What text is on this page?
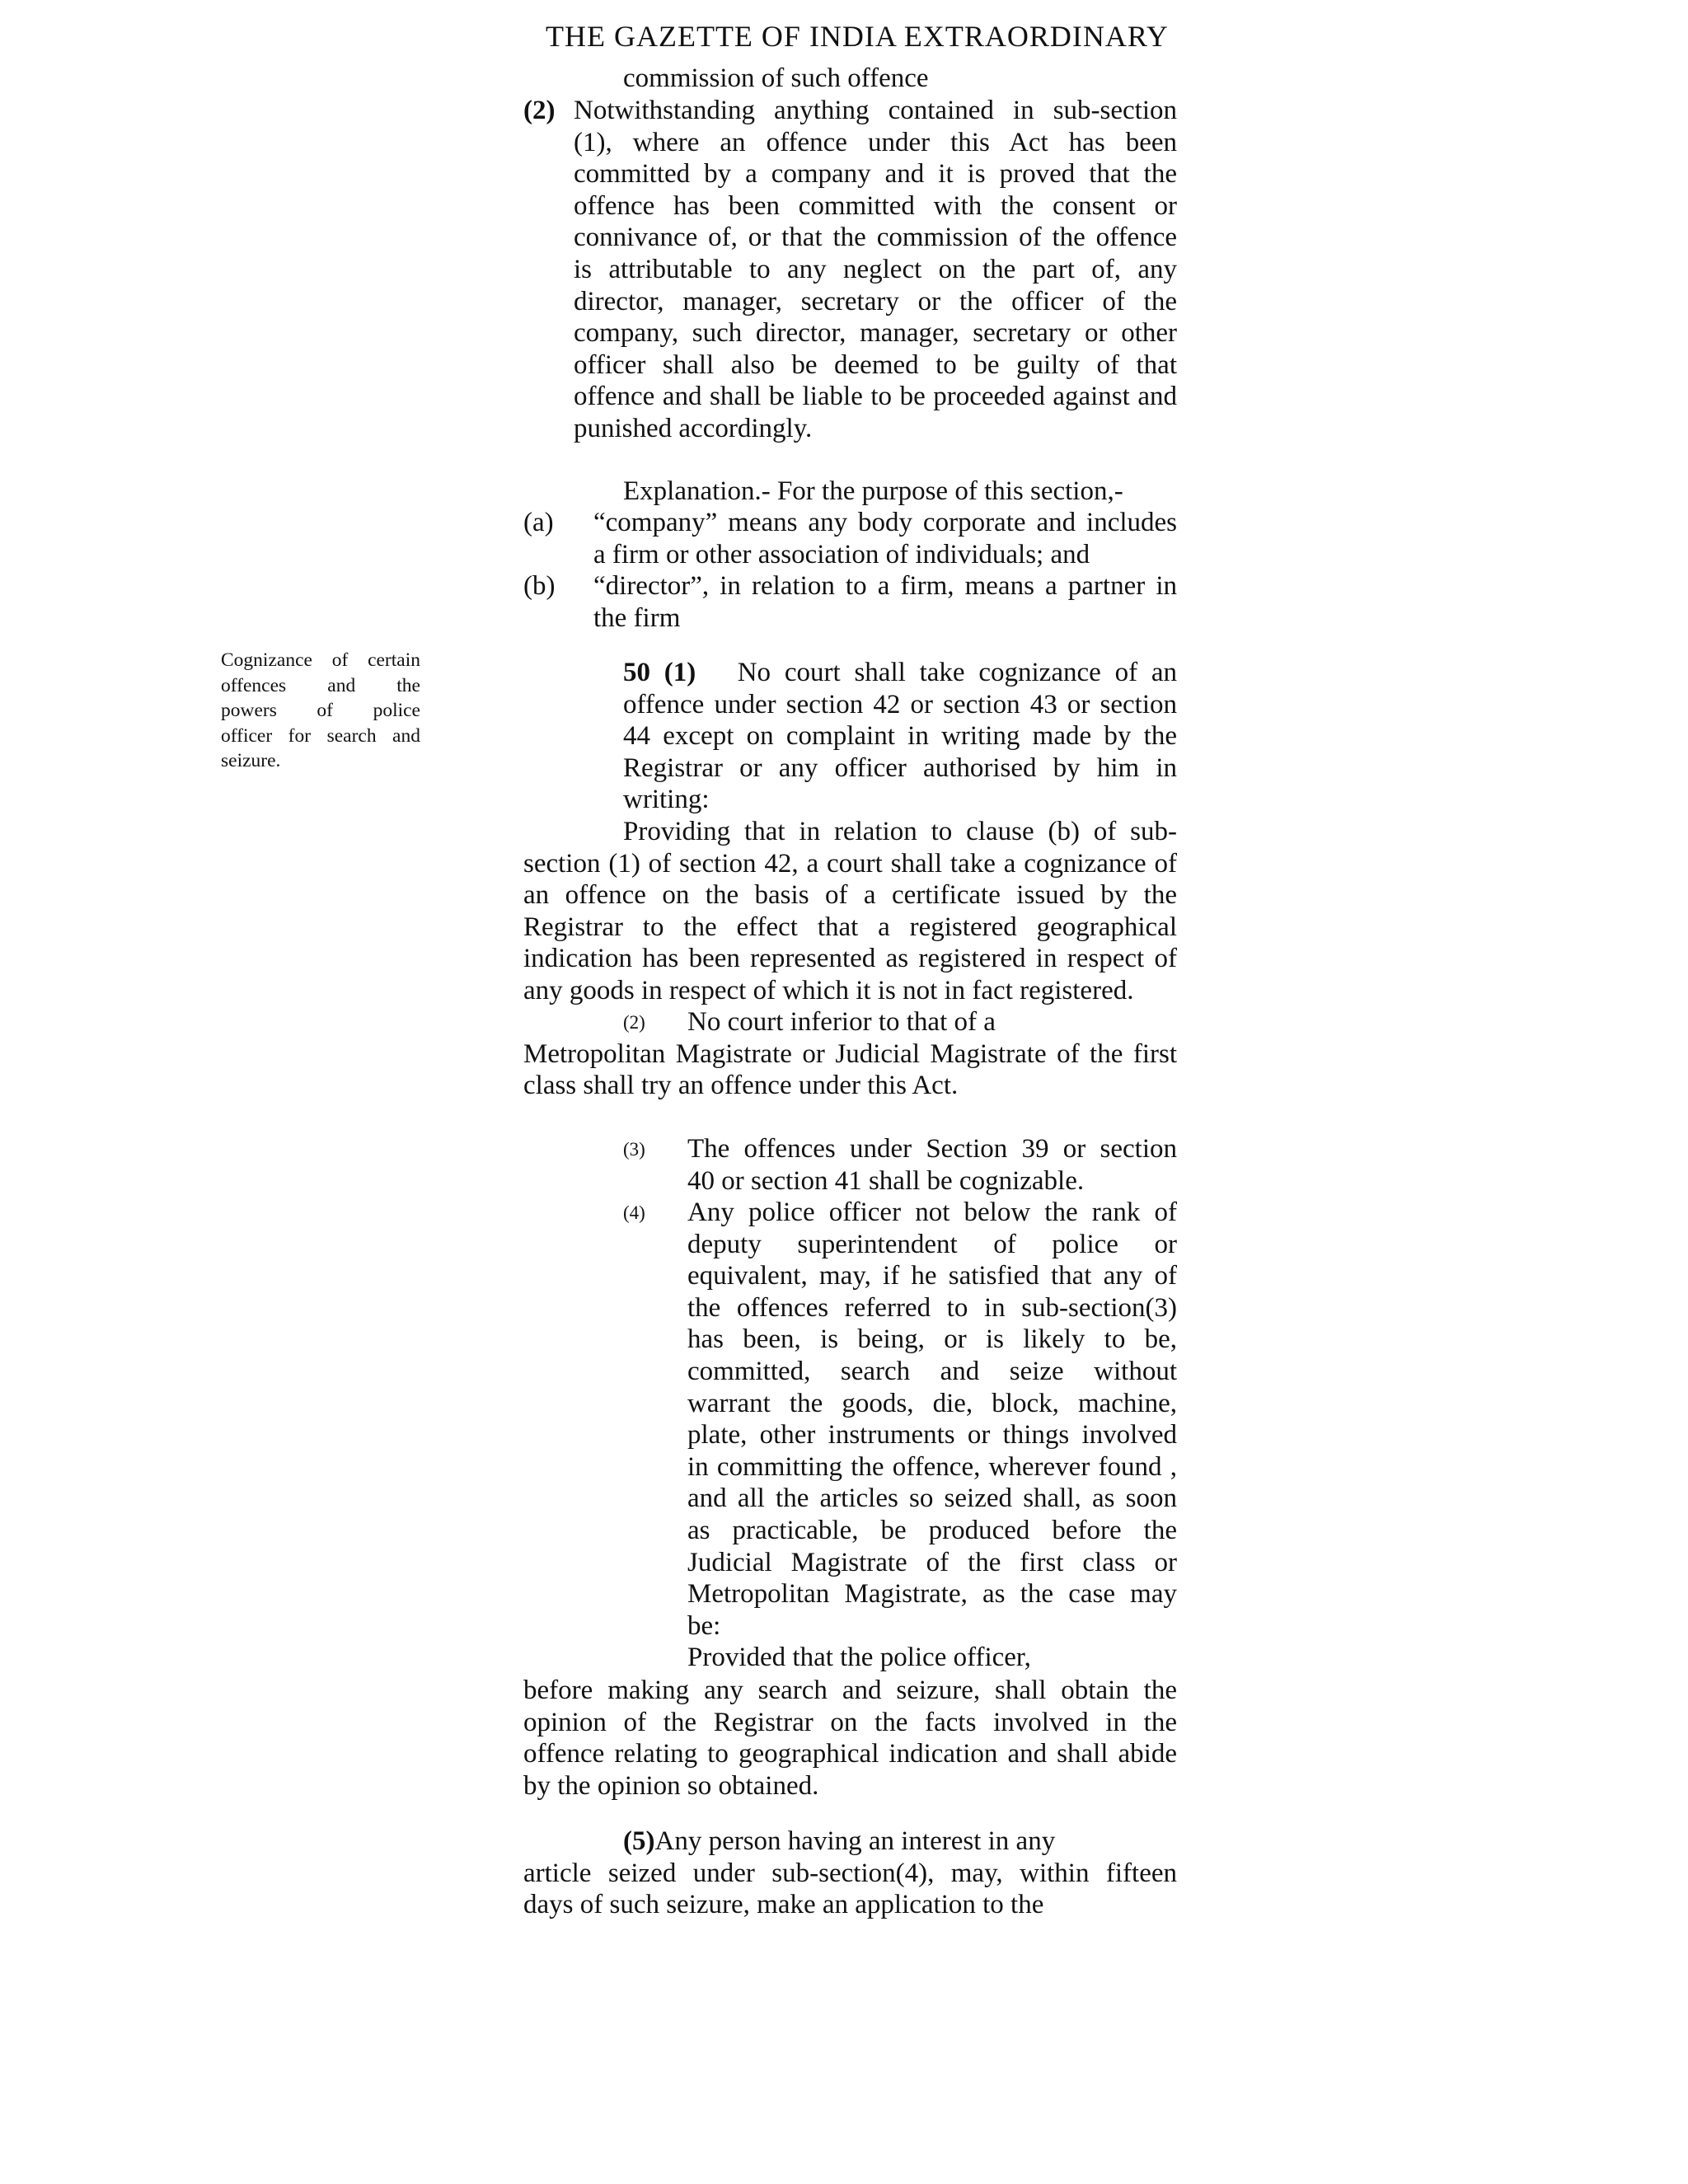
THE GAZETTE OF INDIA EXTRAORDINARY
Cognizance of certain
offences and the
powers of police
officer for search and
seizure.
commission of such offence
(2) Notwithstanding anything contained in sub-section
(1), where an offence under this Act has been
committed by a company and it is proved that the
offence has been committed with the consent or
connivance of, or that the commission of the offence
is attributable to any neglect on the part of, any
director, manager, secretary or the officer of the
company, such director, manager, secretary or other
officer shall also be deemed to be guilty of that
offence and shall be liable to be proceeded against and
punished accordingly.
Explanation.- For the purpose of this section,-
(a) “company” means any body corporate and includes
a firm or other association of individuals; and
(b) “director”, in relation to a firm, means a partner in
the firm
50 (1) No court shall take cognizance of an
offence under section 42 or section 43 or section
44 except on complaint in writing made by the
Registrar or any officer authorised by him in
writing:
Providing that in relation to clause (b) of sub-
section (1) of section 42, a court shall take a cognizance of
an offence on the basis of a certificate issued by the
Registrar to the effect that a registered geographical
indication has been represented as registered in respect of
any goods in respect of which it is not in fact registered.
(2) No court inferior to that of a
Metropolitan Magistrate or Judicial Magistrate of the first
class shall try an offence under this Act.
(3) The offences under Section 39 or section
40 or section 41 shall be cognizable.
(4) Any police officer not below the rank of
deputy superintendent of police or
equivalent, may, if he satisfied that any of
the offences referred to in sub-section(3)
has been, is being, or is likely to be,
committed, search and seize without
warrant the goods, die, block, machine,
plate, other instruments or things involved
in committing the offence, wherever found ,
and all the articles so seized shall, as soon
as practicable, be produced before the
Judicial Magistrate of the first class or
Metropolitan Magistrate, as the case may
be:
Provided that the police officer,
before making any search and seizure, shall obtain the
opinion of the Registrar on the facts involved in the
offence relating to geographical indication and shall abide
by the opinion so obtained.
(5)Any person having an interest in any
article seized under sub-section(4), may, within fifteen
days of such seizure, make an application to the
